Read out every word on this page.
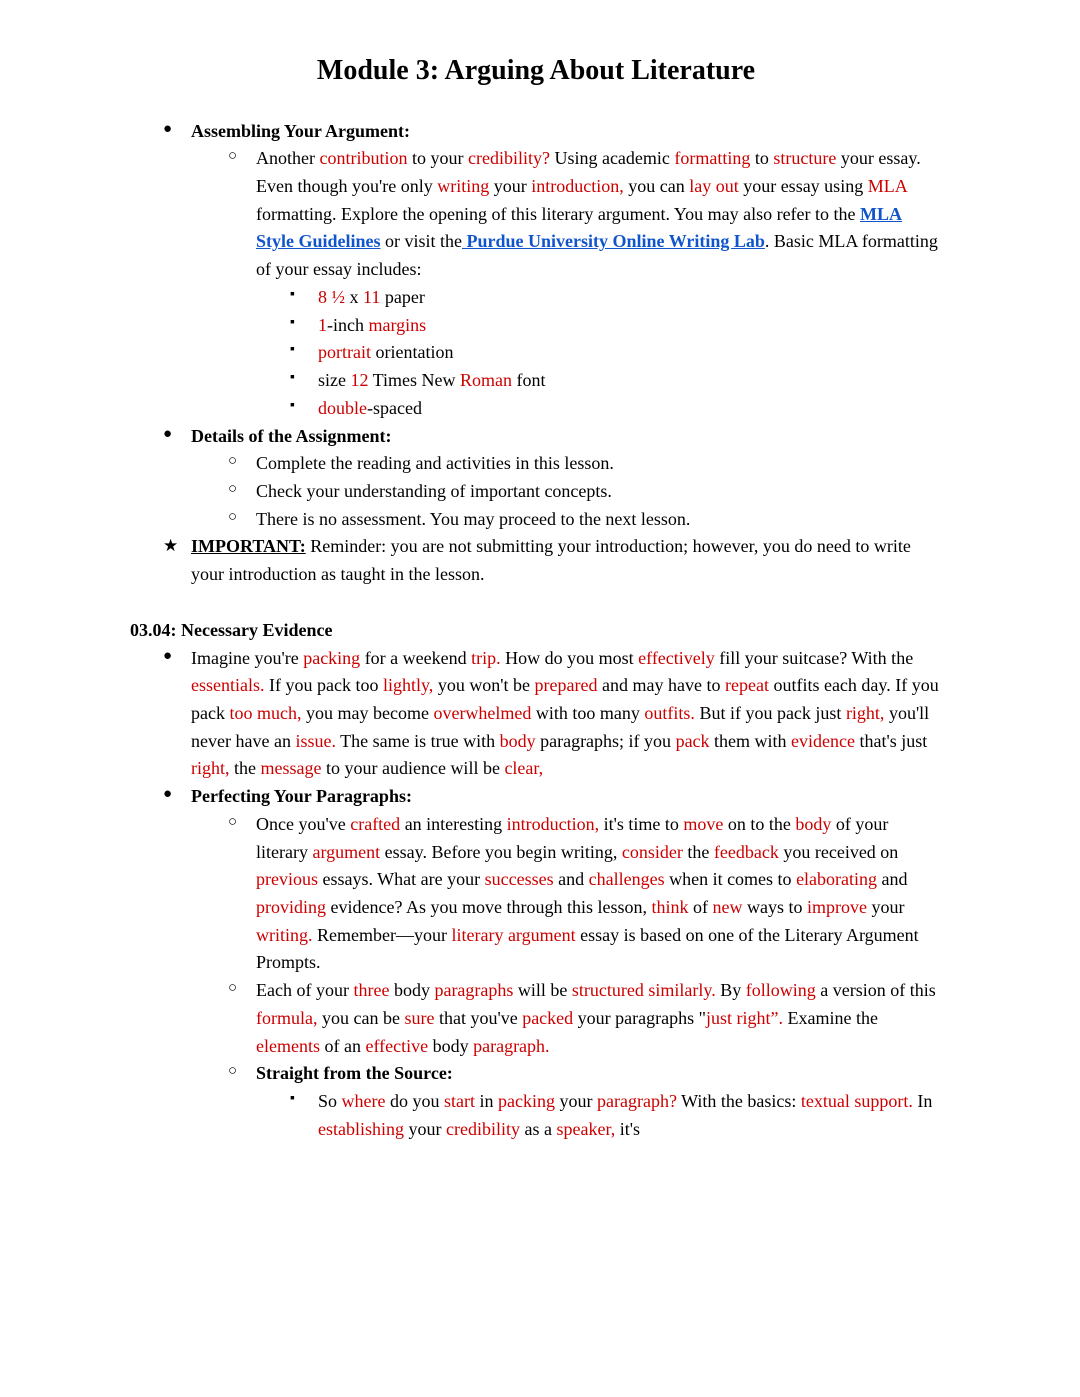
Module 3: Arguing About Literature
●	Assembling Your Argument:
○	Another contribution to your credibility? Using academic formatting to structure your essay. Even though you're only writing your introduction, you can lay out your essay using MLA formatting. Explore the opening of this literary argument. You may also refer to the MLA Style Guidelines or visit the Purdue University Online Writing Lab. Basic MLA formatting of your essay includes:
▪	8 ½ x 11 paper
▪	1-inch margins
▪	portrait orientation
▪	size 12 Times New Roman font
▪	double-spaced
●	Details of the Assignment:
○	Complete the reading and activities in this lesson.
○	Check your understanding of important concepts.
○	There is no assessment. You may proceed to the next lesson.
★ IMPORTANT: Reminder: you are not submitting your introduction; however, you do need to write your introduction as taught in the lesson.
03.04: Necessary Evidence
●	Imagine you're packing for a weekend trip. How do you most effectively fill your suitcase? With the essentials. If you pack too lightly, you won't be prepared and may have to repeat outfits each day. If you pack too much, you may become overwhelmed with too many outfits. But if you pack just right, you'll never have an issue. The same is true with body paragraphs; if you pack them with evidence that's just right, the message to your audience will be clear,
●	Perfecting Your Paragraphs:
○	Once you've crafted an interesting introduction, it's time to move on to the body of your literary argument essay. Before you begin writing, consider the feedback you received on previous essays. What are your successes and challenges when it comes to elaborating and providing evidence? As you move through this lesson, think of new ways to improve your writing. Remember—your literary argument essay is based on one of the Literary Argument Prompts.
○	Each of your three body paragraphs will be structured similarly. By following a version of this formula, you can be sure that you've packed your paragraphs "just right”. Examine the elements of an effective body paragraph.
○	Straight from the Source:
▪	So where do you start in packing your paragraph? With the basics: textual support. In establishing your credibility as a speaker, it's
